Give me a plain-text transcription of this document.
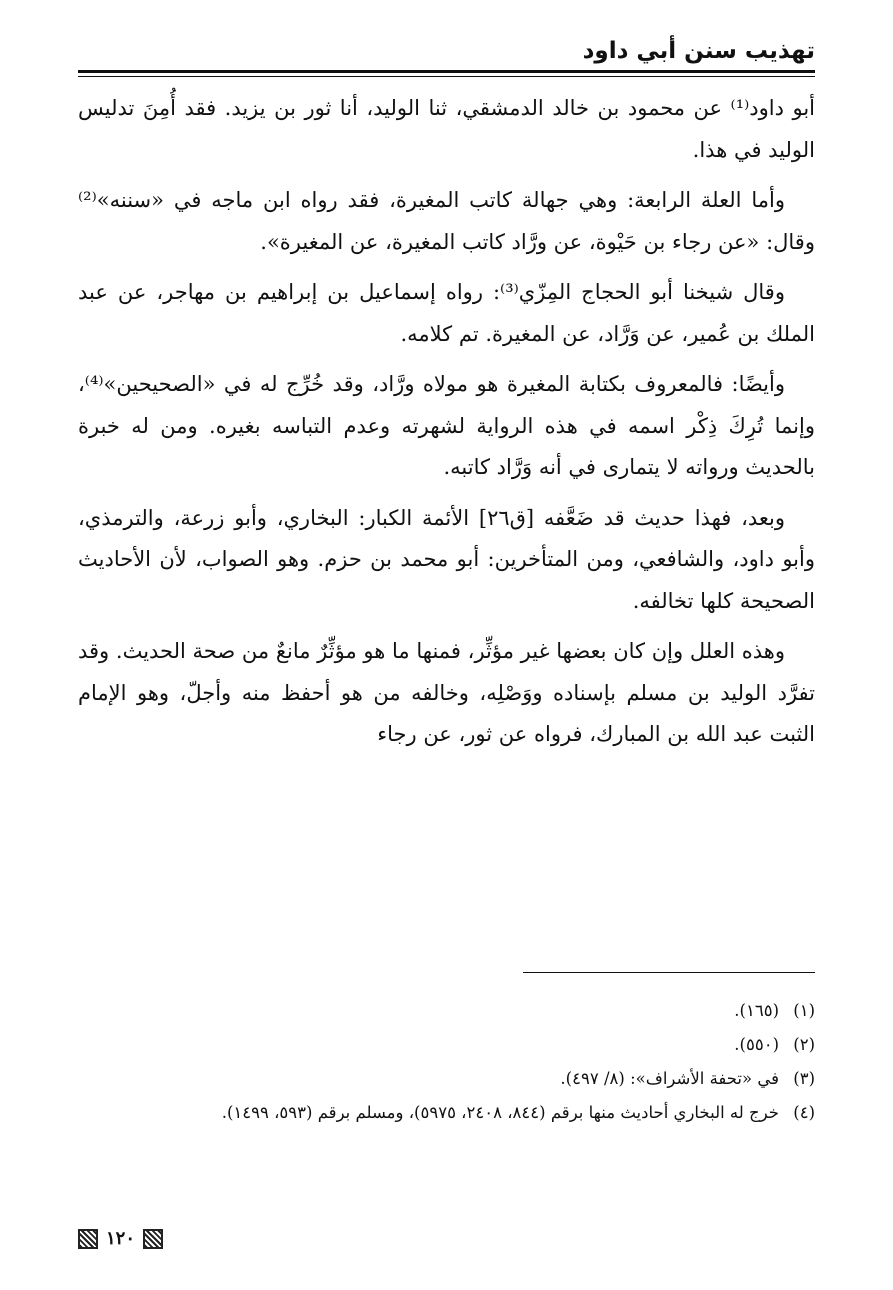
تهذيب سنن أبي داود

أبو داود⁽¹⁾ عن محمود بن خالد الدمشقي، ثنا الوليد، أنا ثور بن يزيد. فقد أُمِنَ تدليس الوليد في هذا.

وأما العلة الرابعة: وهي جهالة كاتب المغيرة، فقد رواه ابن ماجه في «سننه»⁽²⁾ وقال: «عن رجاء بن حَيْوة، عن ورَّاد كاتب المغيرة، عن المغيرة».

وقال شيخنا أبو الحجاج المِزّي⁽³⁾: رواه إسماعيل بن إبراهيم بن مهاجر، عن عبد الملك بن عُمير، عن وَرَّاد، عن المغيرة. تم كلامه.

وأيضًا: فالمعروف بكتابة المغيرة هو مولاه ورَّاد، وقد خُرِّج له في «الصحيحين»⁽⁴⁾، وإنما تُرِكَ ذِكْر اسمه في هذه الرواية لشهرته وعدم التباسه بغيره. ومن له خبرة بالحديث ورواته لا يتمارى في أنه وَرَّاد كاتبه.

وبعد، فهذا حديث قد ضَعَّفه [ق٢٦] الأئمة الكبار: البخاري، وأبو زرعة، والترمذي، وأبو داود، والشافعي، ومن المتأخرين: أبو محمد بن حزم. وهو الصواب، لأن الأحاديث الصحيحة كلها تخالفه.

وهذه العلل وإن كان بعضها غير مؤثِّر، فمنها ما هو مؤثِّرٌ مانعٌ من صحة الحديث. وقد تفرَّد الوليد بن مسلم بإسناده ووَصْلِه، وخالفه من هو أحفظ منه وأجلّ، وهو الإمام الثبت عبد الله بن المبارك، فرواه عن ثور، عن رجاء

(١)
(١٦٥).
(٢)
(٥٥٠).
(٣)
في «تحفة الأشراف»: (٨/ ٤٩٧).
(٤)
خرج له البخاري أحاديث منها برقم (٨٤٤، ٢٤٠٨، ٥٩٧٥)، ومسلم برقم (٥٩٣، ١٤٩٩).
١٢٠
